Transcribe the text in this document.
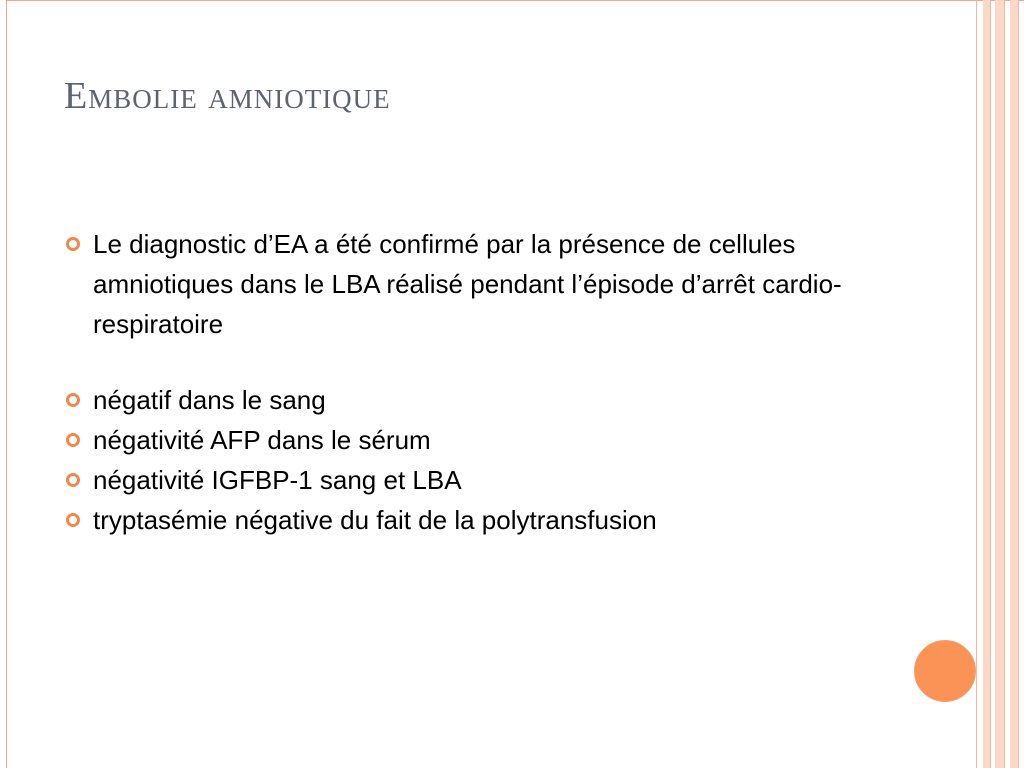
Embolie amniotique
Le diagnostic d’EA a été confirmé par la présence de cellules amniotiques dans le LBA réalisé pendant l’épisode d’arrêt cardio-respiratoire
négatif dans le sang
négativité AFP dans le sérum
négativité IGFBP-1 sang et LBA
tryptasémie négative du fait de la polytransfusion
